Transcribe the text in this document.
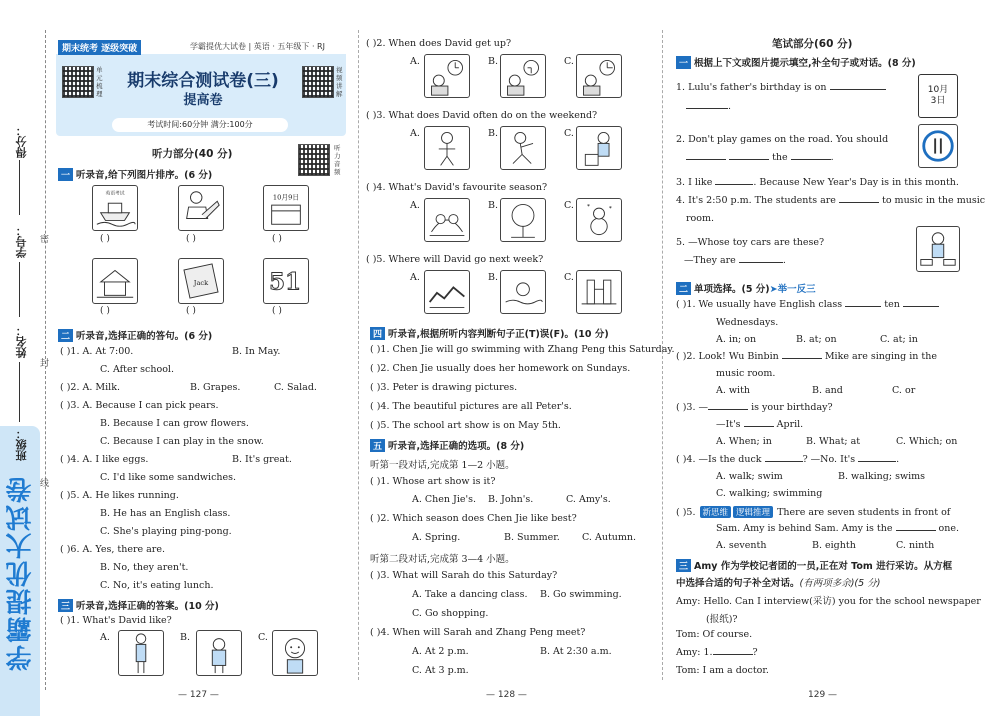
学霸提优大试卷
得分：
学号：
姓名：
班级：
密
封
线
期末统考 逐级突破	学霸提优大试卷 | 英语 · 五年级下 · RJ
单元梳理
视频讲解
期末综合测试卷(三)
提高卷
考试时间:60分钟 满分:100分
听力部分(40 分)	听力音频
一 听录音,给下列图片排序。(6 分)
英语考试	10月9日
( )	( )	( )
Jack	51
( )	( )	( )
二 听录音,选择正确的答句。(6 分)
( )1. A. At 7:00.	B. In May.
C. After school.
( )2. A. Milk.	B. Grapes.	C. Salad.
( )3. A. Because I can pick pears.
B. Because I can grow flowers.
C. Because I can play in the snow.
( )4. A. I like eggs.	B. It's great.
C. I'd like some sandwiches.
( )5. A. He likes running.
B. He has an English class.
C. She's playing ping-pong.
( )6. A. Yes, there are.
B. No, they aren't.
C. No, it's eating lunch.
三 听录音,选择正确的答案。(10 分)
( )1. What's David like?
A.	B.	C.
( )2. When does David get up?
A.	B.	C.
( )3. What does David often do on the weekend?
A.	B.	C.
( )4. What's David's favourite season?
A.	B.	C. *	*
( )5. Where will David go next week?
A.	B.	C.
四 听录音,根据所听内容判断句子正(T)误(F)。(10 分)
( )1. Chen Jie will go swimming with Zhang Peng this Saturday.
( )2. Chen Jie usually does her homework on Sundays.
( )3. Peter is drawing pictures.
( )4. The beautiful pictures are all Peter's.
( )5. The school art show is on May 5th.
五 听录音,选择正确的选项。(8 分)
听第一段对话,完成第 1—2 小题。
( )1. Whose art show is it?
A. Chen Jie's. B. John's.	C. Amy's.
( )2. Which season does Chen Jie like best?
A. Spring.	B. Summer. C. Autumn.
听第二段对话,完成第 3—4 小题。
( )3. What will Sarah do this Saturday?
A. Take a dancing class. B. Go swimming.
C. Go shopping.
( )4. When will Sarah and Zhang Peng meet?
A. At 2 p.m.	B. At 2:30 a.m.
C. At 3 p.m.
笔试部分(60 分)
一 根据上下文或图片提示填空,补全句子或对话。(8 分)
10月
3日
1. Lulu's father's birthday is on
.
2. Don't play games on the road. You should
the	.
3. I like	. Because New Year's Day is in this month.
4. It's 2:50 p.m. The students are	to music in the music
room.
5. —Whose toy cars are these?
—They are	.
二 单项选择。(5 分)➤举一反三
( )1. We usually have English class	ten
Wednesdays.
A. in; on	B. at; on	C. at; in
( )2. Look! Wu Binbin	Mike are singing in the
music room.
A. with	B. and	C. or
( )3. —	is your birthday?
—It's	April.
A. When; in	B. What; at	C. Which; on
( )4. —Is the duck	? —No. It's	.
A. walk; swim	B. walking; swims
C. walking; swimming
( )5. 新思维 逻辑推理 There are seven students in front of
Sam. Amy is behind Sam. Amy is the	one.
A. seventh	B. eighth	C. ninth
三 Amy 作为学校记者团的一员,正在对 Tom 进行采访。从方框
中选择合适的句子补全对话。(有两项多余)(5 分)
Amy: Hello. Can I interview(采访) you for the school newspaper
(报纸)?
Tom: Of course.
Amy: 1.	?
Tom: I am a doctor.
— 127 —	— 128 —	129 —
